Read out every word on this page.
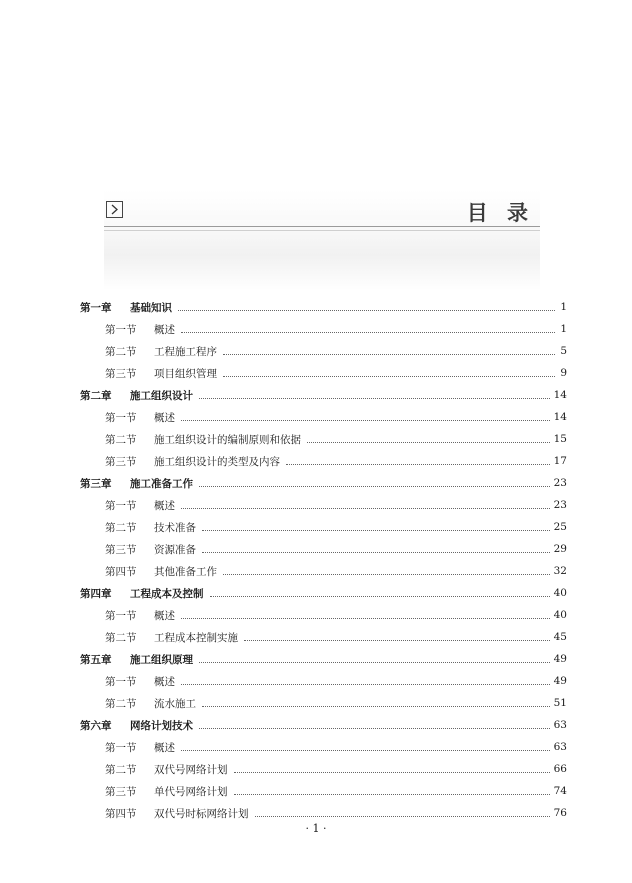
目 录
第一章	基础知识	1
第一节	概述	1
第二节	工程施工程序	5
第三节	项目组织管理	9
第二章	施工组织设计	14
第一节	概述	14
第二节	施工组织设计的编制原则和依据	15
第三节	施工组织设计的类型及内容	17
第三章	施工准备工作	23
第一节	概述	23
第二节	技术准备	25
第三节	资源准备	29
第四节	其他准备工作	32
第四章	工程成本及控制	40
第一节	概述	40
第二节	工程成本控制实施	45
第五章	施工组织原理	49
第一节	概述	49
第二节	流水施工	51
第六章	网络计划技术	63
第一节	概述	63
第二节	双代号网络计划	66
第三节	单代号网络计划	74
第四节	双代号时标网络计划	76
· 1 ·
